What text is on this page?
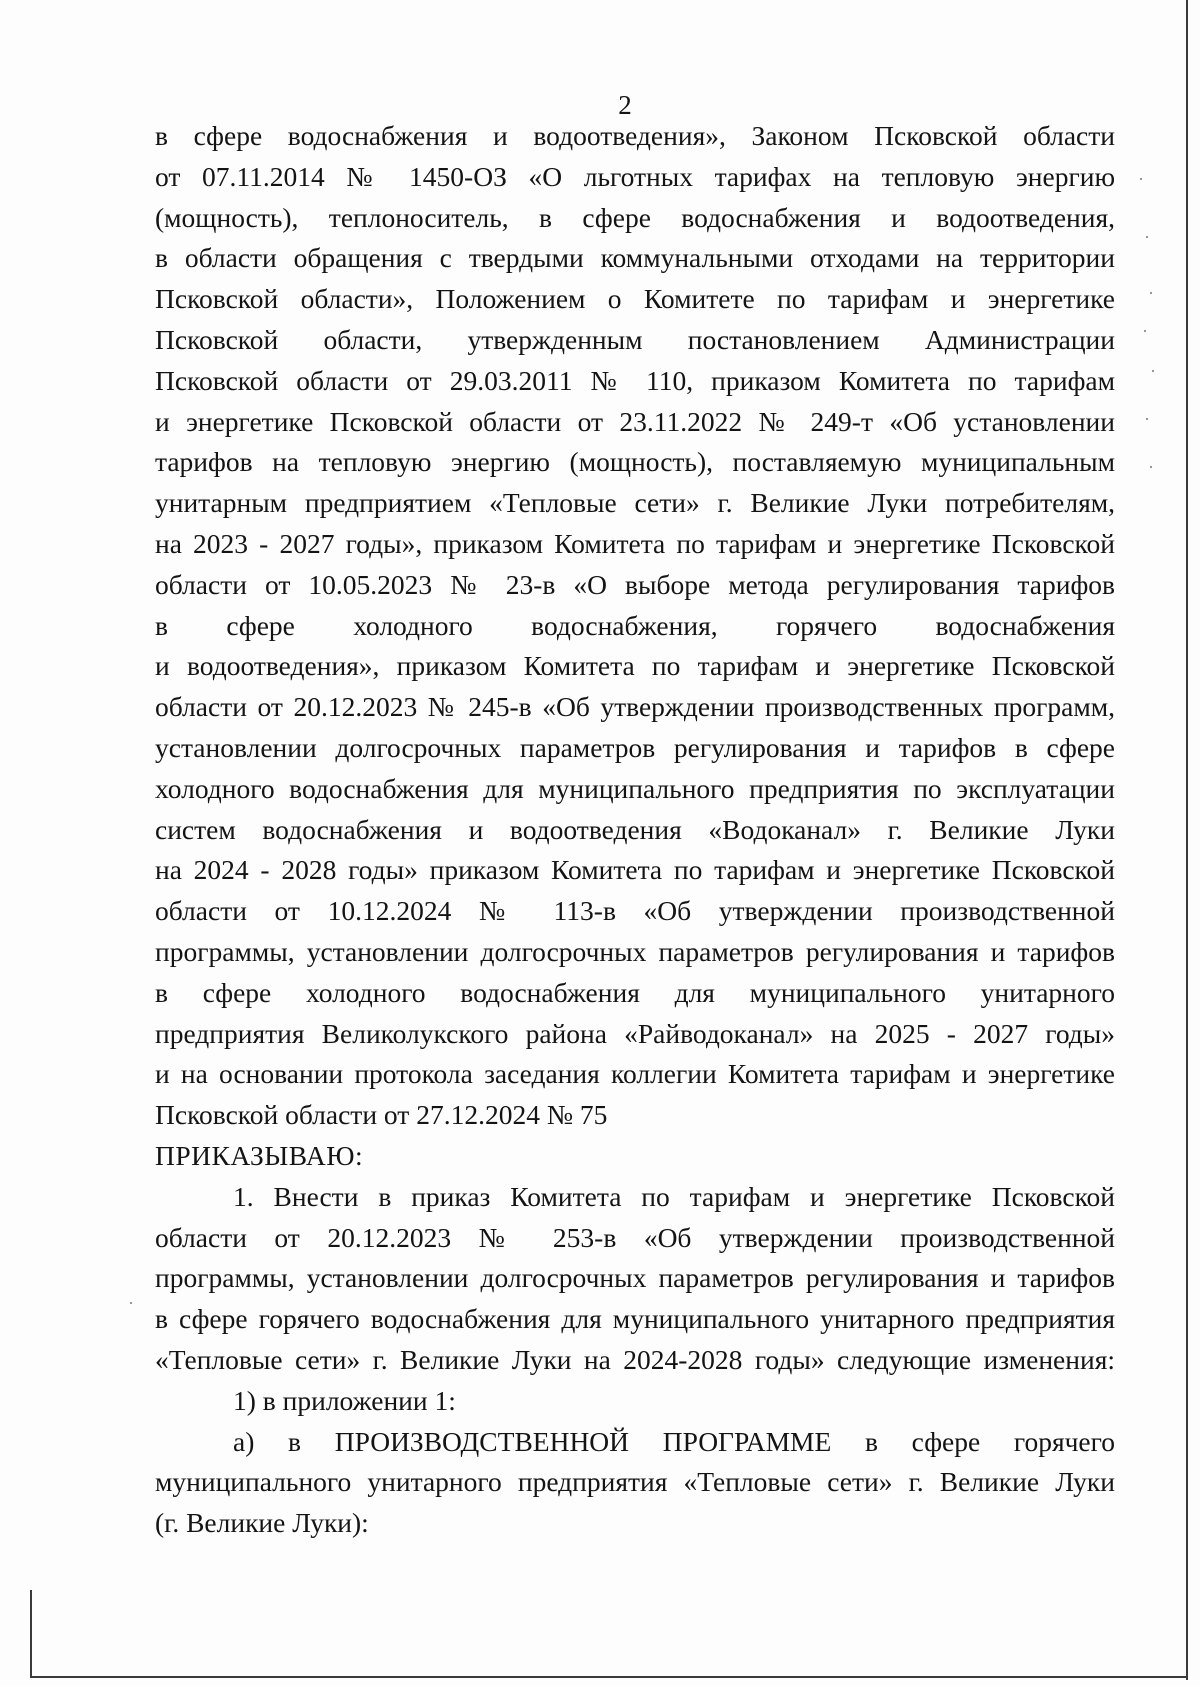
2
в сфере водоснабжения и водоотведения», Законом Псковской области
от 07.11.2014 № 1450-ОЗ «О льготных тарифах на тепловую энергию
(мощность), теплоноситель, в сфере водоснабжения и водоотведения,
в области обращения с твердыми коммунальными отходами на территории
Псковской области», Положением о Комитете по тарифам и энергетике
Псковской области, утвержденным постановлением Администрации
Псковской области от 29.03.2011 № 110, приказом Комитета по тарифам
и энергетике Псковской области от 23.11.2022 № 249-т «Об установлении
тарифов на тепловую энергию (мощность), поставляемую муниципальным
унитарным предприятием «Тепловые сети» г. Великие Луки потребителям,
на 2023 - 2027 годы», приказом Комитета по тарифам и энергетике Псковской
области от 10.05.2023 № 23-в «О выборе метода регулирования тарифов
в сфере холодного водоснабжения, горячего водоснабжения
и водоотведения», приказом Комитета по тарифам и энергетике Псковской
области от 20.12.2023 № 245-в «Об утверждении производственных программ,
установлении долгосрочных параметров регулирования и тарифов в сфере
холодного водоснабжения для муниципального предприятия по эксплуатации
систем водоснабжения и водоотведения «Водоканал» г. Великие Луки
на 2024 - 2028 годы» приказом Комитета по тарифам и энергетике Псковской
области от 10.12.2024 № 113-в «Об утверждении производственной
программы, установлении долгосрочных параметров регулирования и тарифов
в сфере холодного водоснабжения для муниципального унитарного
предприятия Великолукского района «Райводоканал» на 2025 - 2027 годы»
и на основании протокола заседания коллегии Комитета тарифам и энергетике
Псковской области от 27.12.2024 № 75
ПРИКАЗЫВАЮ:
1. Внести в приказ Комитета по тарифам и энергетике Псковской
области от 20.12.2023 № 253-в «Об утверждении производственной
программы, установлении долгосрочных параметров регулирования и тарифов
в сфере горячего водоснабжения для муниципального унитарного предприятия
«Тепловые сети» г. Великие Луки на 2024-2028 годы» следующие изменения:
1) в приложении 1:
а) в ПРОИЗВОДСТВЕННОЙ ПРОГРАММЕ в сфере горячего
муниципального унитарного предприятия «Тепловые сети» г. Великие Луки
(г. Великие Луки):
